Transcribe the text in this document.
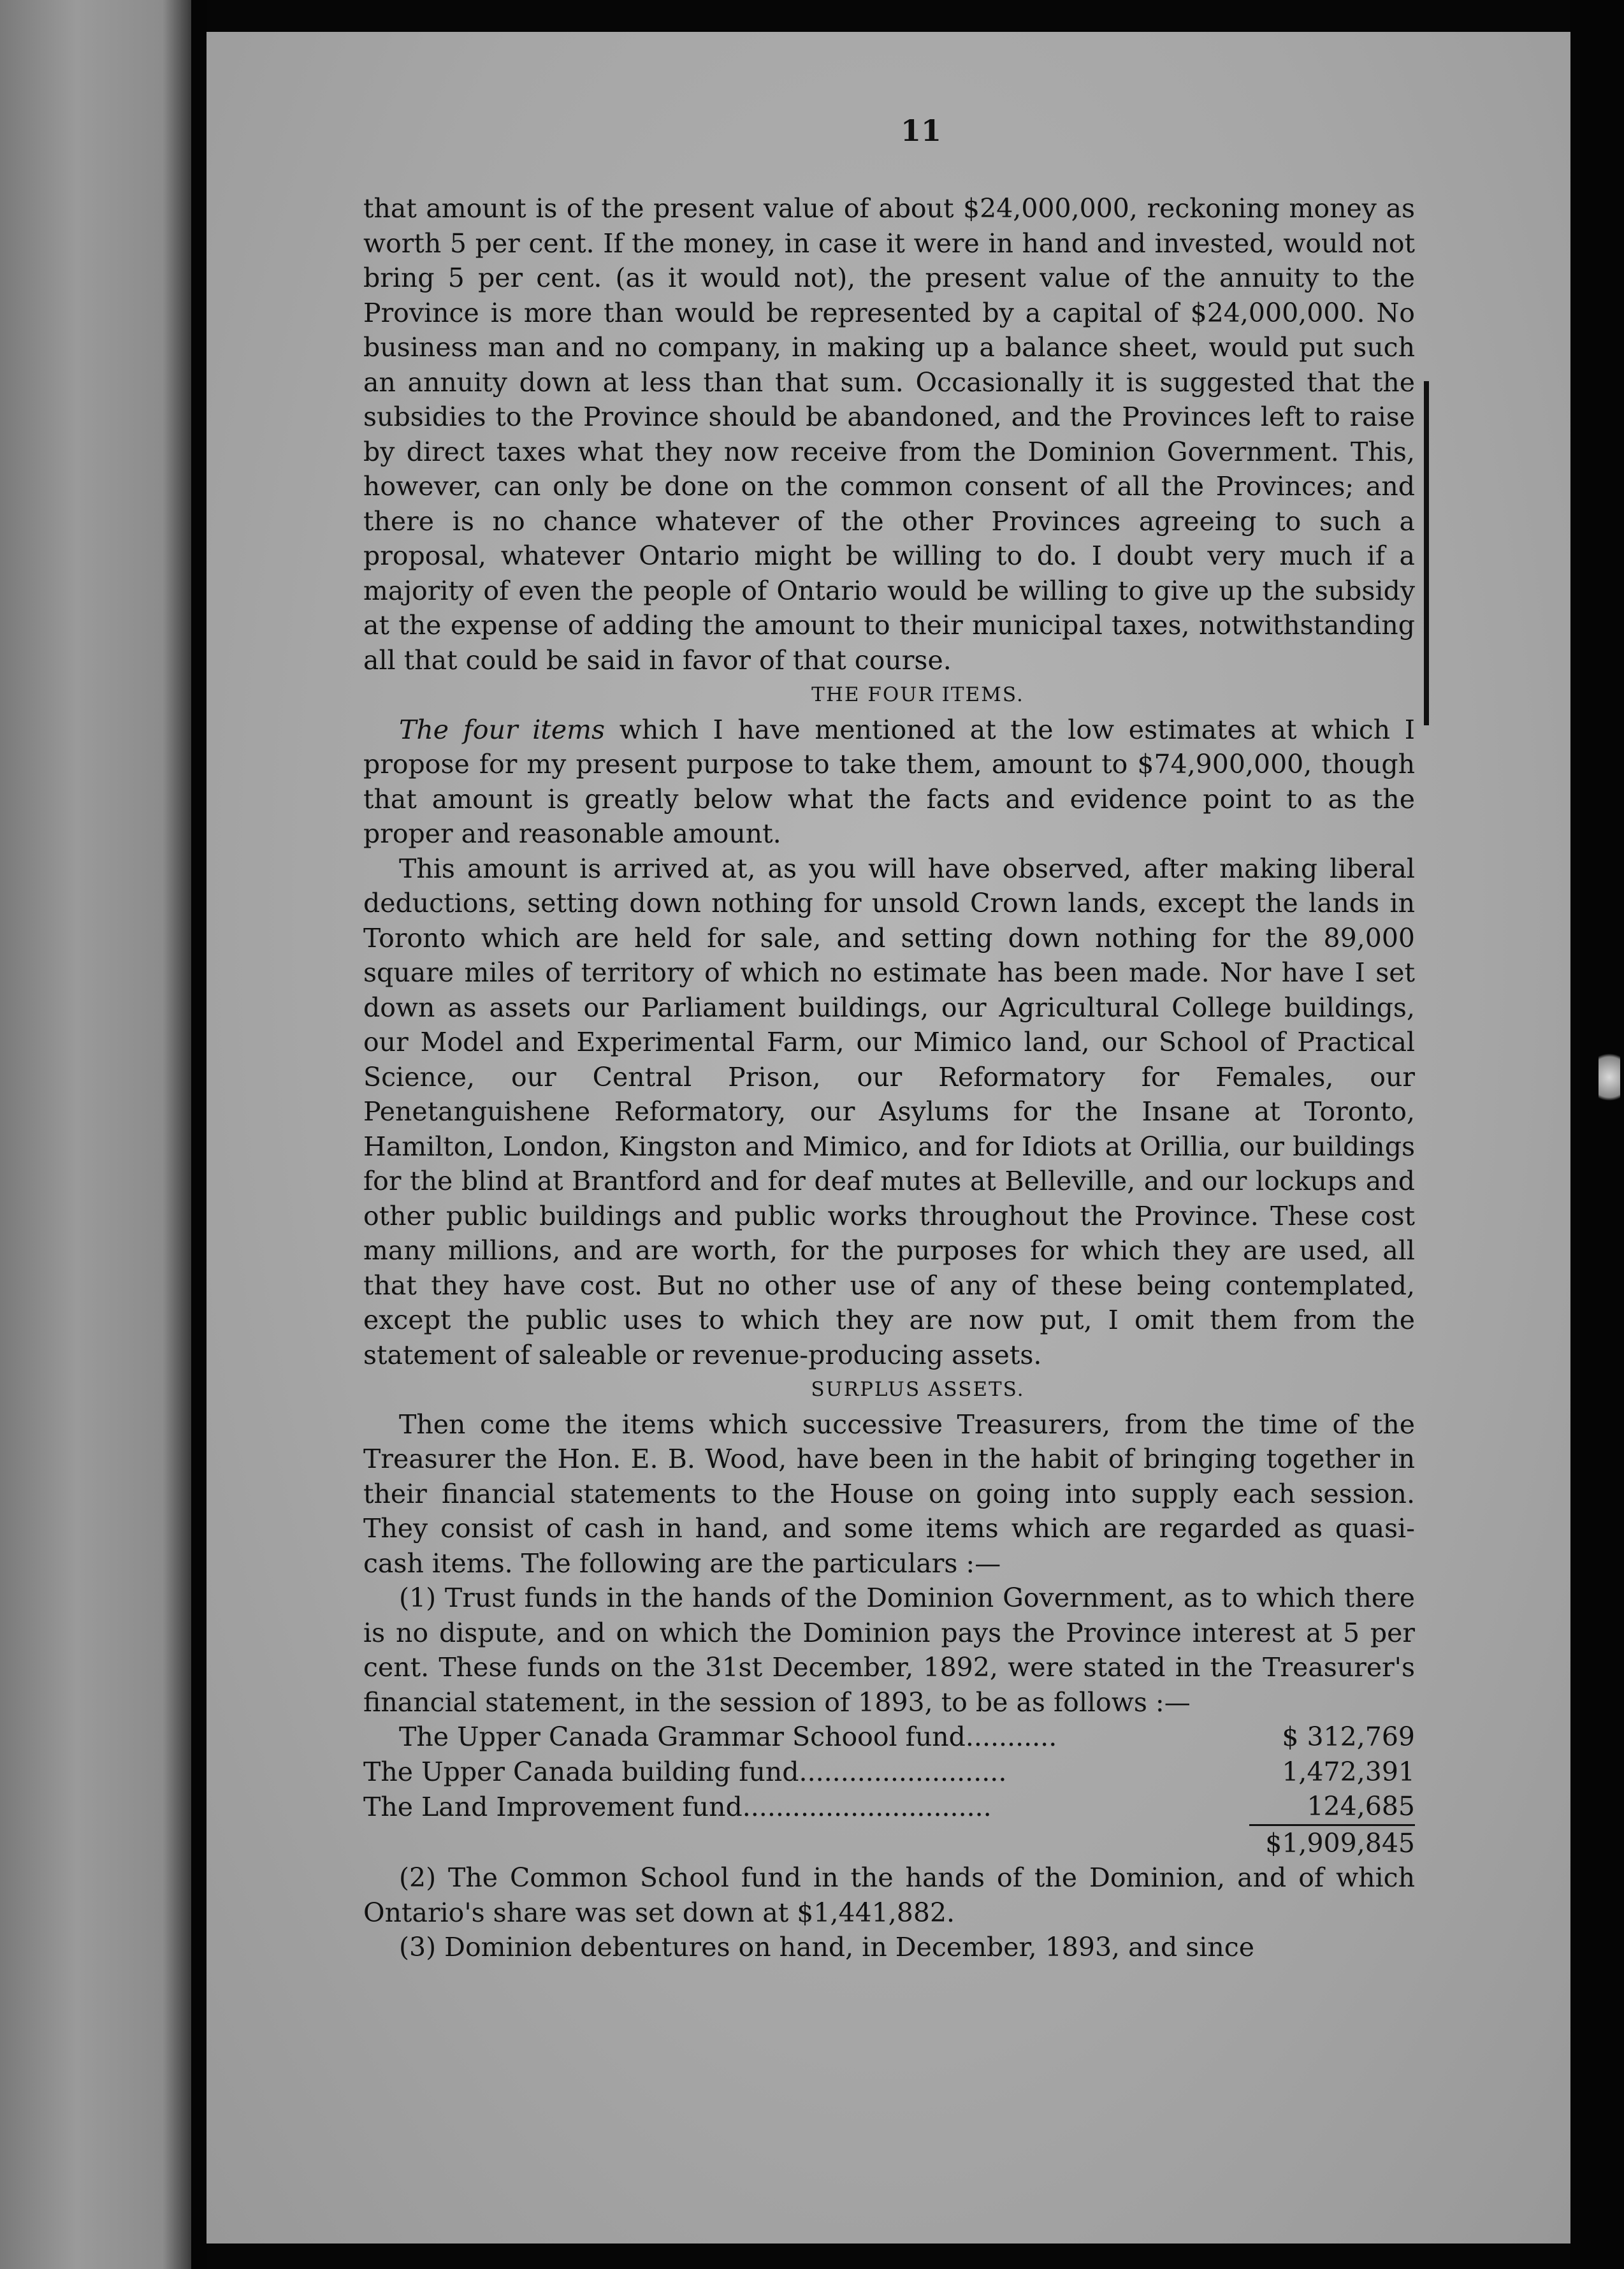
11

that amount is of the present value of about $24,000,000, reckoning money as worth 5 per cent. If the money, in case it were in hand and invested, would not bring 5 per cent. (as it would not), the present value of the annuity to the Province is more than would be represented by a capital of $24,000,000. No business man and no company, in making up a balance sheet, would put such an annuity down at less than that sum. Occasionally it is suggested that the subsidies to the Province should be abandoned, and the Provinces left to raise by direct taxes what they now receive from the Dominion Government. This, however, can only be done on the common consent of all the Provinces; and there is no chance whatever of the other Provinces agreeing to such a proposal, whatever Ontario might be willing to do. I doubt very much if a majority of even the people of Ontario would be willing to give up the subsidy at the expense of adding the amount to their municipal taxes, notwithstanding all that could be said in favor of that course.

THE FOUR ITEMS.

The four items which I have mentioned at the low estimates at which I propose for my present purpose to take them, amount to $74,900,000, though that amount is greatly below what the facts and evidence point to as the proper and reasonable amount.

This amount is arrived at, as you will have observed, after making liberal deductions, setting down nothing for unsold Crown lands, except the lands in Toronto which are held for sale, and setting down nothing for the 89,000 square miles of territory of which no estimate has been made. Nor have I set down as assets our Parliament buildings, our Agricultural College buildings, our Model and Experimental Farm, our Mimico land, our School of Practical Science, our Central Prison, our Reformatory for Females, our Penetanguishene Reformatory, our Asylums for the Insane at Toronto, Hamilton, London, Kingston and Mimico, and for Idiots at Orillia, our buildings for the blind at Brantford and for deaf mutes at Belleville, and our lockups and other public buildings and public works throughout the Province. These cost many millions, and are worth, for the purposes for which they are used, all that they have cost. But no other use of any of these being contemplated, except the public uses to which they are now put, I omit them from the statement of saleable or revenue-producing assets.

SURPLUS ASSETS.

Then come the items which successive Treasurers, from the time of the Treasurer the Hon. E. B. Wood, have been in the habit of bringing together in their financial statements to the House on going into supply each session. They consist of cash in hand, and some items which are regarded as quasi-cash items. The following are the particulars :—

(1) Trust funds in the hands of the Dominion Government, as to which there is no dispute, and on which the Dominion pays the Province interest at 5 per cent. These funds on the 31st December, 1892, were stated in the Treasurer's financial statement, in the session of 1893, to be as follows :—

The Upper Canada Grammar Schoool fund...........	$ 312,769
The Upper Canada building fund.........................	1,472,391
The Land Improvement fund..............................	124,685
	$1,909,845

(2) The Common School fund in the hands of the Dominion, and of which Ontario's share was set down at $1,441,882.

(3) Dominion debentures on hand, in December, 1893, and since
